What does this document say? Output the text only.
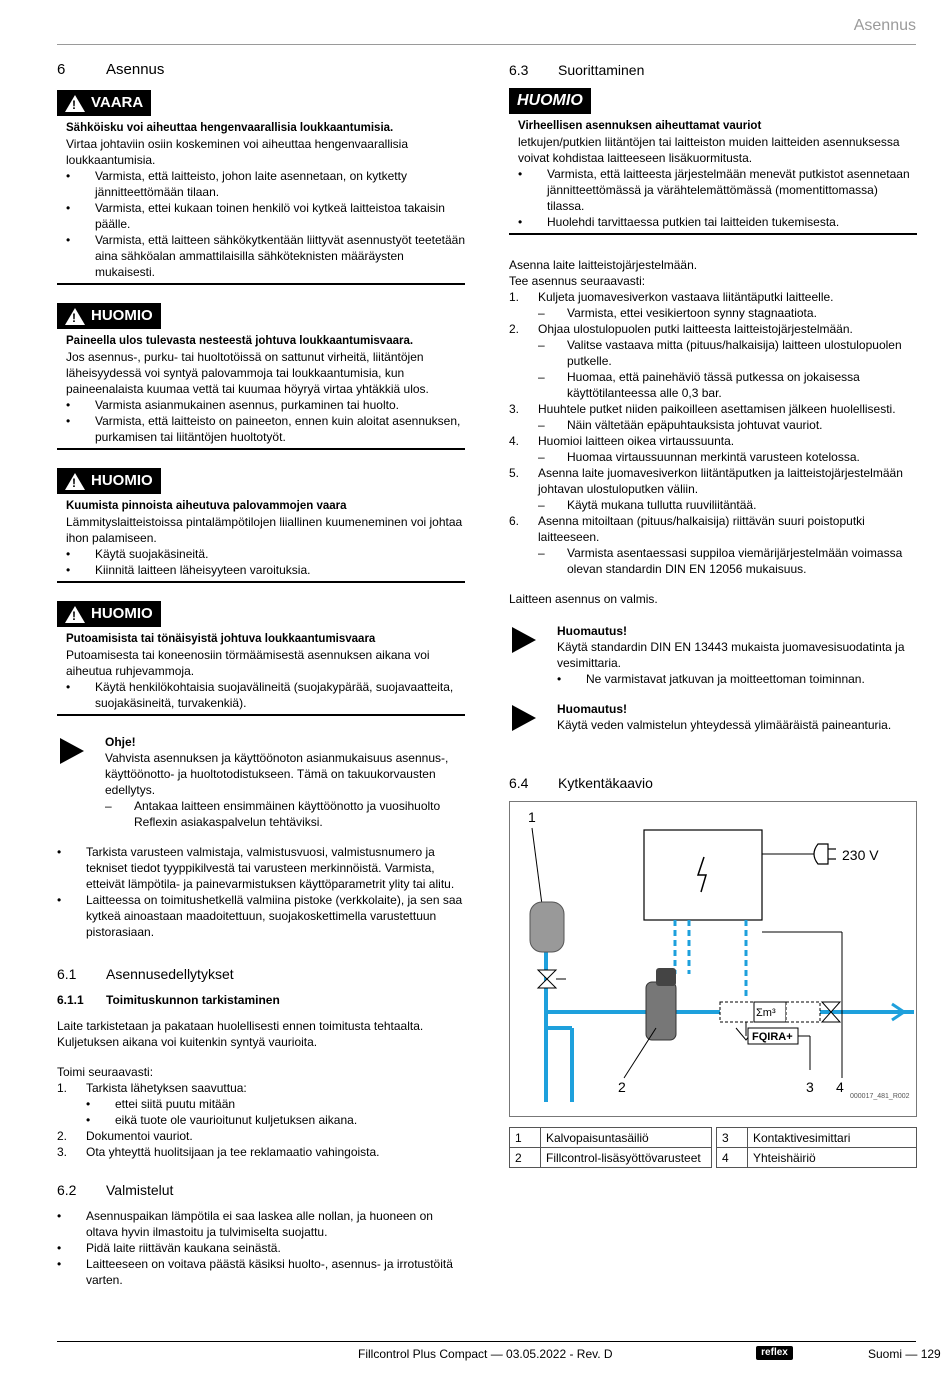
Asennus
6	Asennus
!
VAARA
Sähköisku voi aiheuttaa hengenvaarallisia loukkaantumisia.

Virtaa johtaviin osiin koskeminen voi aiheuttaa hengenvaarallisia loukkaantumisia.

•	Varmista, että laitteisto, johon laite asennetaan, on kytketty jännitteettömään tilaan.
•	Varmista, ettei kukaan toinen henkilö voi kytkeä laitteistoa takaisin päälle.
•	Varmista, että laitteen sähkökytkentään liittyvät asennustyöt teetetään aina sähköalan ammattilaisilla sähköteknisten määräysten mukaisesti.
!
HUOMIO
Paineella ulos tulevasta nesteestä johtuva loukkaantumisvaara.

Jos asennus-, purku- tai huoltotöissä on sattunut virheitä, liitäntöjen läheisyydessä voi syntyä palovammoja tai loukkaantumisia, kun paineenalaista kuumaa vettä tai kuumaa höyryä virtaa yhtäkkiä ulos.

•	Varmista asianmukainen asennus, purkaminen tai huolto.
•	Varmista, että laitteisto on paineeton, ennen kuin aloitat asennuksen, purkamisen tai liitäntöjen huoltotyöt.
!
HUOMIO
Kuumista pinnoista aiheutuva palovammojen vaara

Lämmityslaitteistoissa pintalämpötilojen liiallinen kuumeneminen voi johtaa ihon palamiseen.

•	Käytä suojakäsineitä.
•	Kiinnitä laitteen läheisyyteen varoituksia.
!
HUOMIO
Putoamisista tai tönäisyistä johtuva loukkaantumisvaara

Putoamisesta tai koneenosiin törmäämisestä asennuksen aikana voi aiheutua ruhjevammoja.

•	Käytä henkilökohtaisia suojavälineitä (suojakypärää, suojavaatteita, suojakäsineitä, turvakenkiä).
Ohje!

Vahvista asennuksen ja käyttöönoton asianmukaisuus asennus-, käyttöönotto- ja huoltotodistukseen. Tämä on takuukorvausten edellytys.

–	Antakaa laitteen ensimmäinen käyttöönotto ja vuosihuolto Reflexin asiakaspalvelun tehtäviksi.
•	Tarkista varusteen valmistaja, valmistusvuosi, valmistusnumero ja tekniset tiedot tyyppikilvestä tai varusteen merkinnöistä. Varmista, etteivät lämpötila- ja painevarmistuksen käyttöparametrit ylity tai alitu.
•	Laitteessa on toimitushetkellä valmiina pistoke (verkkolaite), ja sen saa kytkeä ainoastaan maadoitettuun, suojakoskettimella varustettuun pistorasiaan.
6.1	Asennusedellytykset
6.1.1	Toimituskunnon tarkistaminen

Laite tarkistetaan ja pakataan huolellisesti ennen toimitusta tehtaalta. Kuljetuksen aikana voi kuitenkin syntyä vaurioita.

Toimi seuraavasti:

1.	Tarkista lähetyksen saavuttua:
•	ettei siitä puutu mitään
•	eikä tuote ole vaurioitunut kuljetuksen aikana.
2.	Dokumentoi vauriot.
3.	Ota yhteyttä huolitsijaan ja tee reklamaatio vahingoista.
6.2	Valmistelut
•	Asennuspaikan lämpötila ei saa laskea alle nollan, ja huoneen on oltava hyvin ilmastoitu ja tulvimiselta suojattu.
•	Pidä laite riittävän kaukana seinästä.
•	Laitteeseen on voitava päästä käsiksi huolto-, asennus- ja irrotustöitä varten.
6.3	Suorittaminen
HUOMIO
Virheellisen asennuksen aiheuttamat vauriot

letkujen/putkien liitäntöjen tai laitteiston muiden laitteiden asennuksessa voivat kohdistaa laitteeseen lisäkuormitusta.

•	Varmista, että laitteesta järjestelmään menevät putkistot asennetaan jännitteettömässä ja värähtelemättömässä (momentittomassa) tilassa.
•	Huolehdi tarvittaessa putkien tai laitteiden tukemisesta.

Asenna laite laitteistojärjestelmään.

Tee asennus seuraavasti:

1.	Kuljeta juomavesiverkon vastaava liitäntäputki laitteelle.
–	Varmista, ettei vesikiertoon synny stagnaatiota.
2.	Ohjaa ulostulopuolen putki laitteesta laitteistojärjestelmään.
–	Valitse vastaava mitta (pituus/halkaisija) laitteen ulostulopuolen putkelle.
–	Huomaa, että painehäviö tässä putkessa on jokaisessa käyttötilanteessa alle 0,3 bar.
3.	Huuhtele putket niiden paikoilleen asettamisen jälkeen huolellisesti.
–	Näin vältetään epäpuhtauksista johtuvat vauriot.
4.	Huomioi laitteen oikea virtaussuunta.
–	Huomaa virtaussuunnan merkintä varusteen kotelossa.
5.	Asenna laite juomavesiverkon liitäntäputken ja laitteistojärjestelmään johtavan ulostuloputken väliin.
–	Käytä mukana tullutta ruuviliitäntää.
6.	Asenna mitoiltaan (pituus/halkaisija) riittävän suuri poistoputki laitteeseen.
–	Varmista asentaessasi suppiloa viemärijärjestelmään voimassa olevan standardin DIN EN 12056 mukaisuus.

Laitteen asennus on valmis.

Huomautus!

Käytä standardin DIN EN 13443 mukaista juomavesisuodatinta ja vesimittaria.

•	Ne varmistavat jatkuvan ja moitteettoman toiminnan.
Huomautus!

Käytä veden valmistelun yhteydessä ylimääräistä paineanturia.

6.4	Kytkentäkaavio
1
230 V
2
Σm³
FQIRA+
3 4
000017_481_R002
1	Kalvopaisuntasäiliö
2	Fillcontrol-lisäsyöttövarusteet
3	Kontaktivesimittari
4	Yhteishäiriö
Fillcontrol Plus Compact — 03.05.2022 - Rev. D	reflex	Suomi — 129
